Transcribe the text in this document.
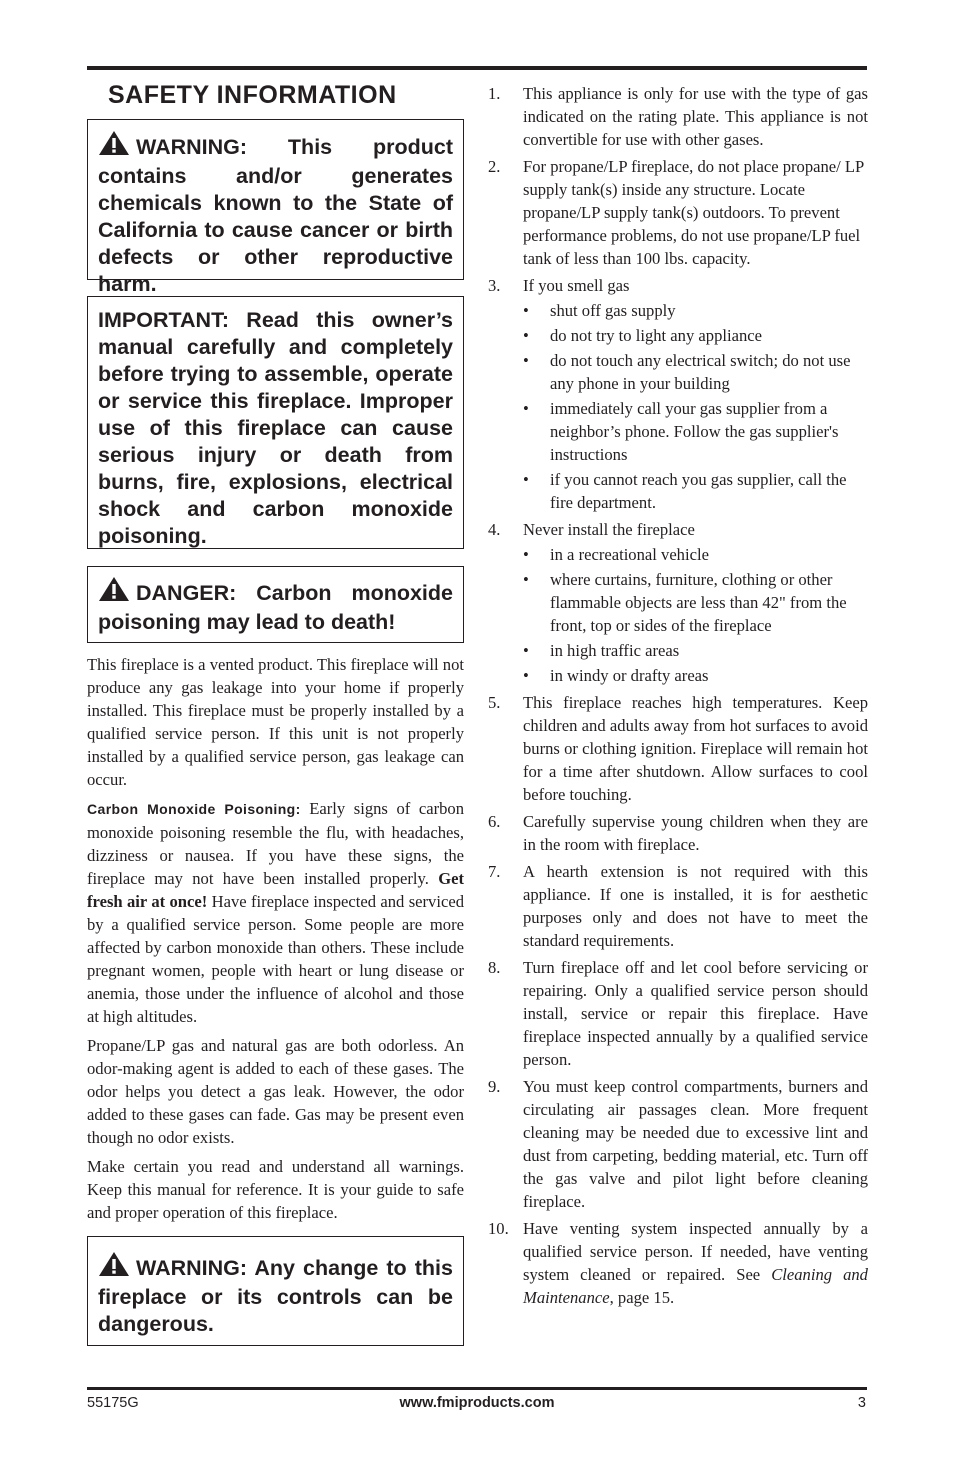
SAFETY INFORMATION
WARNING: This product contains and/or generates chemicals known to the State of California to cause cancer or birth defects or other reproductive harm.
IMPORTANT: Read this owner’s manual carefully and completely before trying to assemble, operate or service this fireplace. Improper use of this fireplace can cause serious injury or death from burns, fire, explosions, electrical shock and carbon monoxide poisoning.
DANGER: Carbon monoxide poisoning may lead to death!

This fireplace is a vented product. This fireplace will not produce any gas leakage into your home if properly installed. This fireplace must be properly installed by a qualified service person. If this unit is not properly installed by a qualified service person, gas leakage can occur.

Carbon Monoxide Poisoning: Early signs of carbon monoxide poisoning resemble the flu, with headaches, dizziness or nausea. If you have these signs, the fireplace may not have been installed properly. Get fresh air at once! Have fireplace inspected and serviced by a qualified service person. Some people are more affected by carbon monoxide than others. These include pregnant women, people with heart or lung disease or anemia, those under the influence of alcohol and those at high altitudes.

Propane/LP gas and natural gas are both odorless. An odor-making agent is added to each of these gases. The odor helps you detect a gas leak. However, the odor added to these gases can fade. Gas may be present even though no odor exists.

Make certain you read and understand all warnings. Keep this manual for reference. It is your guide to safe and proper operation of this fireplace.

WARNING: Any change to this fireplace or its controls can be dangerous.
1. This appliance is only for use with the type of gas indicated on the rating plate. This appliance is not convertible for use with other gases.
2. For propane/LP fireplace, do not place propane/ LP supply tank(s) inside any structure. Locate propane/LP supply tank(s) outdoors. To prevent performance problems, do not use propane/LP fuel tank of less than 100 lbs. capacity.
3. If you smell gas
• shut off gas supply
• do not try to light any appliance
• do not touch any electrical switch; do not use any phone in your building
• immediately call your gas supplier from a neighbor’s phone. Follow the gas supplier's instructions
• if you cannot reach you gas supplier, call the fire department.
4. Never install the fireplace
• in a recreational vehicle
• where curtains, furniture, clothing or other flammable objects are less than 42" from the front, top or sides of the fireplace
• in high traffic areas
• in windy or drafty areas
5. This fireplace reaches high temperatures. Keep children and adults away from hot surfaces to avoid burns or clothing ignition. Fireplace will remain hot for a time after shutdown. Allow surfaces to cool before touching.
6. Carefully supervise young children when they are in the room with fireplace.
7. A hearth extension is not required with this appliance. If one is installed, it is for aesthetic purposes only and does not have to meet the standard requirements.
8. Turn fireplace off and let cool before servicing or repairing. Only a qualified service person should install, service or repair this fireplace. Have fireplace inspected annually by a qualified service person.
9. You must keep control compartments, burners and circulating air passages clean. More frequent cleaning may be needed due to excessive lint and dust from carpeting, bedding material, etc. Turn off the gas valve and pilot light before cleaning fireplace.
10. Have venting system inspected annually by a qualified service person. If needed, have venting system cleaned or repaired. See Cleaning and Maintenance, page 15.
55175G	www.fmiproducts.com	3
